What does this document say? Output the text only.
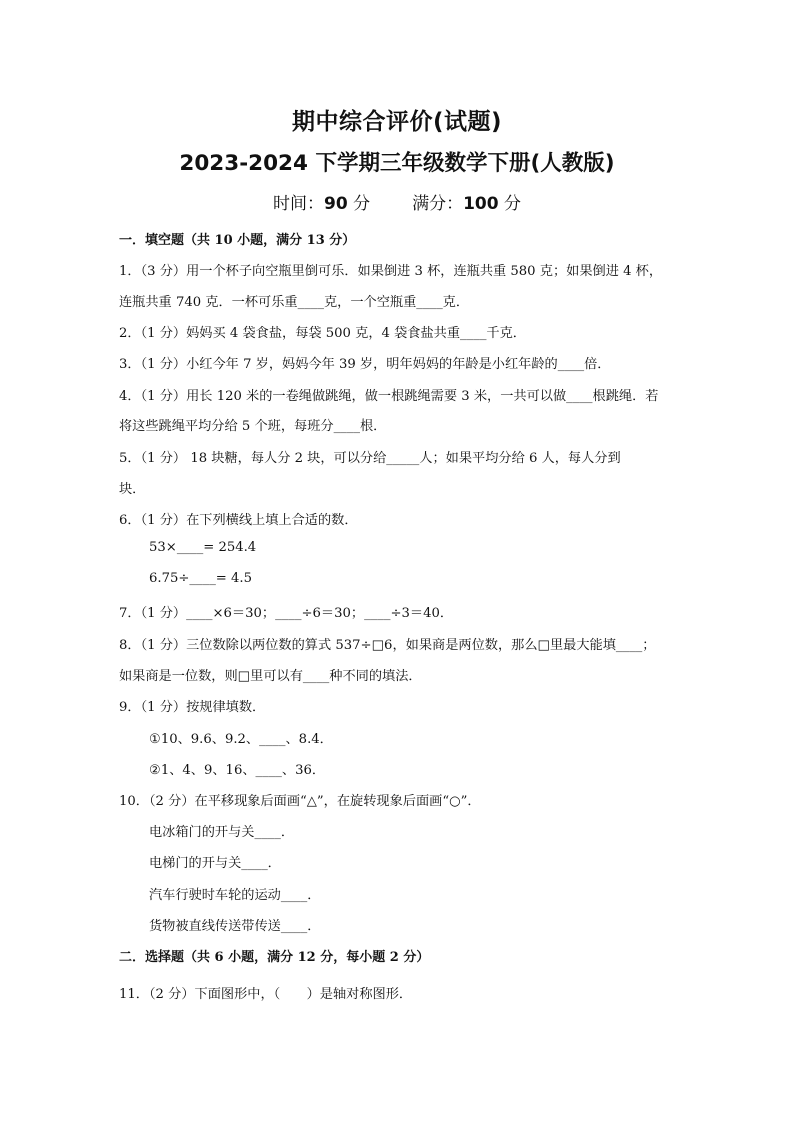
期中综合评价(试题)
2023-2024 下学期三年级数学下册(人教版)
时间：90 分 满分：100 分
一．填空题（共 10 小题，满分 13 分）
1．（3 分）用一个杯子向空瓶里倒可乐．如果倒进 3 杯，连瓶共重 580 克；如果倒进 4 杯，
连瓶共重 740 克．一杯可乐重____克，一个空瓶重____克．
2．（1 分）妈妈买 4 袋食盐，每袋 500 克，4 袋食盐共重____千克．
3．（1 分）小红今年 7 岁，妈妈今年 39 岁，明年妈妈的年龄是小红年龄的____倍．
4．（1 分）用长 120 米的一卷绳做跳绳，做一根跳绳需要 3 米，一共可以做____根跳绳．若
将这些跳绳平均分给 5 个班，每班分____根．
5．（1 分） 18 块糖，每人分 2 块，可以分给_____人；如果平均分给 6 人，每人分到
块．
6．（1 分）在下列横线上填上合适的数．
53×____= 254.4
6.75÷____= 4.5
7．（1 分）____×6＝30；____÷6＝30；____÷3＝40．
8．（1 分）三位数除以两位数的算式 537÷□6，如果商是两位数，那么□里最大能填____；
如果商是一位数，则□里可以有____种不同的填法．
9．（1 分）按规律填数．
①10、9.6、9.2、____、8.4．
②1、4、9、16、____、36．
10．（2 分）在平移现象后面画“△”，在旋转现象后面画“○”．
电冰箱门的开与关____．
电梯门的开与关____．
汽车行驶时车轮的运动____．
货物被直线传送带传送____．
二．选择题（共 6 小题，满分 12 分，每小题 2 分）
11．（2 分）下面图形中，（　　）是轴对称图形．
